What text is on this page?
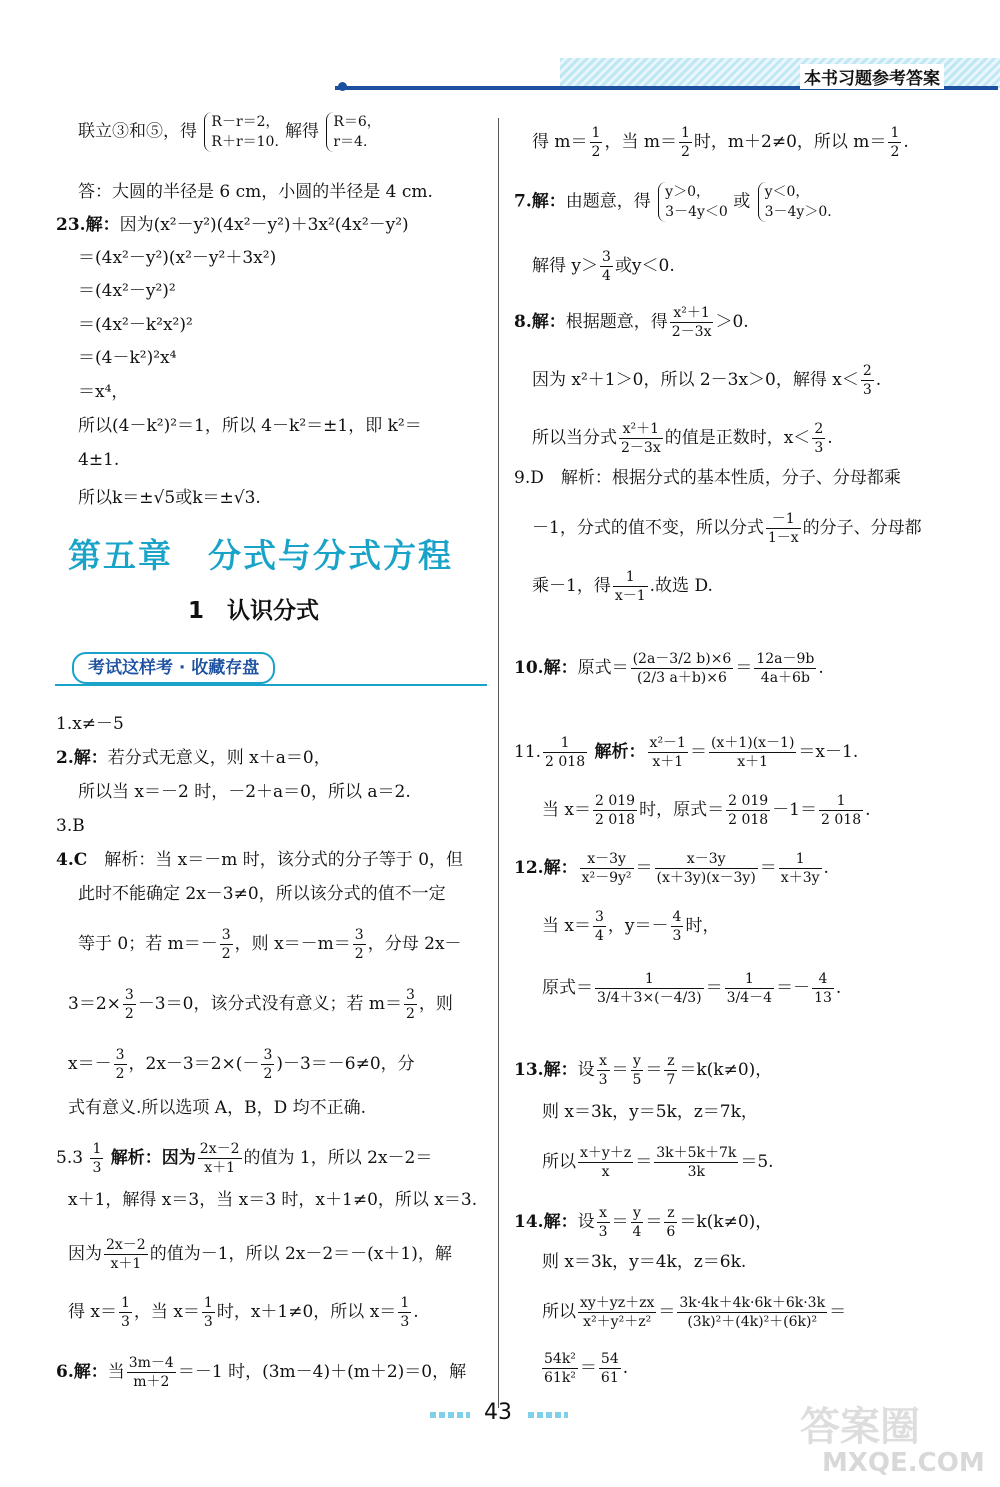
本书习题参考答案
联立③和⑤，得 R－r＝2，
R＋r＝10. 解得 R＝6，
r＝4.
答：大圆的半径是 6 cm，小圆的半径是 4 cm.
23.解：因为(x²－y²)(4x²－y²)＋3x²(4x²－y²)
＝(4x²－y²)(x²－y²＋3x²)
＝(4x²－y²)²
＝(4x²－k²x²)²
＝(4－k²)²x⁴
＝x⁴，
所以(4－k²)²＝1，所以 4－k²＝±1，即 k²＝
4±1.
所以k＝±√5或k＝±√3.
第五章　分式与分式方程
1　认识分式
考试这样考 · 收藏存盘
1.x≠－5
2.解：若分式无意义，则 x＋a＝0，
所以当 x＝－2 时，－2＋a＝0，所以 a＝2.
3.B
4.C　解析：当 x＝－m 时，该分式的分子等于 0，但
此时不能确定 2x－3≠0，所以该分式的值不一定
等于 0；若 $m=- \frac{3}{2}$ ，则 $x=-m= \frac{3}{2}$ ，分母 2x－
$3=2\times \frac{3}{2} -3=0$，该分式没有意义；若 $m= \frac{3}{2}$ ，则
$x=- \frac{3}{2}$ ，$2x-3=2\times(- \frac{3}{2} )-3=-6\ne 0$，分
式有意义.所以选项 A，B，D 均不正确.
$5.3 \frac{1}{3}$ 解析：因为 $\frac{2x-2}{x+1}$ 的值为 1，所以 2x－2＝
x＋1，解得 x＝3，当 x＝3 时，x＋1≠0，所以 x＝3.
因为 $\frac{2x-2}{x+1}$ 的值为－1，所以 2x－2＝－(x＋1)，解
得 $x= \frac{1}{3}$ ，当 $x= \frac{1}{3}$ 时，x＋1≠0，所以 $x= \frac{1}{3}$ .
6.解：当 $\frac{3m-4}{m+2} =-1$ 时，(3m－4)＋(m＋2)＝0，解
得 $m= \frac{1}{2}$ ，当 $m= \frac{1}{2}$ 时，m＋2≠0，所以 $m= \frac{1}{2}$ .
7.解：由题意，得 y＞0，
3－4y＜0 或 y＜0，
3－4y＞0.
解得 $y> \frac{3}{4}$ 或y＜0.
8.解：根据题意，得 $\frac{\text{x²＋1}}{2-3x} >0$.
因为 x²＋1＞0，所以 2－3x＞0，解得 $x< \frac{2}{3}$ .
所以当分式 $\frac{\text{x²＋1}}{2-3x}$ 的值是正数时，$x< \frac{2}{3}$ .
9.D　解析：根据分式的基本性质，分子、分母都乘
－1，分式的值不变，所以分式 $\frac{-1}{1-x}$ 的分子、分母都
乘－1，得 $\frac{1}{x-1}$ .故选 D.
10.解：原式＝ $\frac{(2a-3/2 b)\times 6}{(2/3 a+b)\times 6} = \frac{12a-9b}{4a+6b}$ .
11. $\frac{1}{2 018}$ 解析： $\frac{\text{x²－1}}{x+1} = \frac{(x+1)(x-1)}{x+1} =x-1$.
当 $x= \frac{2 019}{2 018}$ 时，原式＝ $\frac{2 019}{2 018} -1= \frac{1}{2 018}$ .
12.解： $\frac{x-3y}{\text{x²－9y²}} = \frac{x-3y}{(x+3y)(x-3y)} = \frac{1}{x+3y}$ .
当 $x= \frac{3}{4}$ ，$y=- \frac{4}{3}$ 时，
原式＝ $\frac{1}{3/4+3\times(-4/3)} = \frac{1}{3/4-4} =- \frac{4}{13}$ .
13.解：设 $\frac{x}{3} = \frac{y}{5} = \frac{z}{7} =k(k\ne 0)$，
则 x＝3k，y＝5k，z＝7k，
所以 $\frac{x+y+z}{x} = \frac{3k+5k+7k}{3k} =5$.
14.解：设 $\frac{x}{3} = \frac{y}{4} = \frac{z}{6} =k(k\ne 0)$，
则 x＝3k，y＝4k，z＝6k.
所以 $\frac{xy+yz+zx}{\text{x²＋y²＋z²}} = \frac{3k\cdot 4k+4k\cdot 6k+6k\cdot 3k}{\text{(3k)²＋(4k)²＋(6k)²}}$ ＝
$\frac{\text{54k²}}{\text{61k²}} = \frac{54}{61}$ .
43	答案圈
MXQE.COM
